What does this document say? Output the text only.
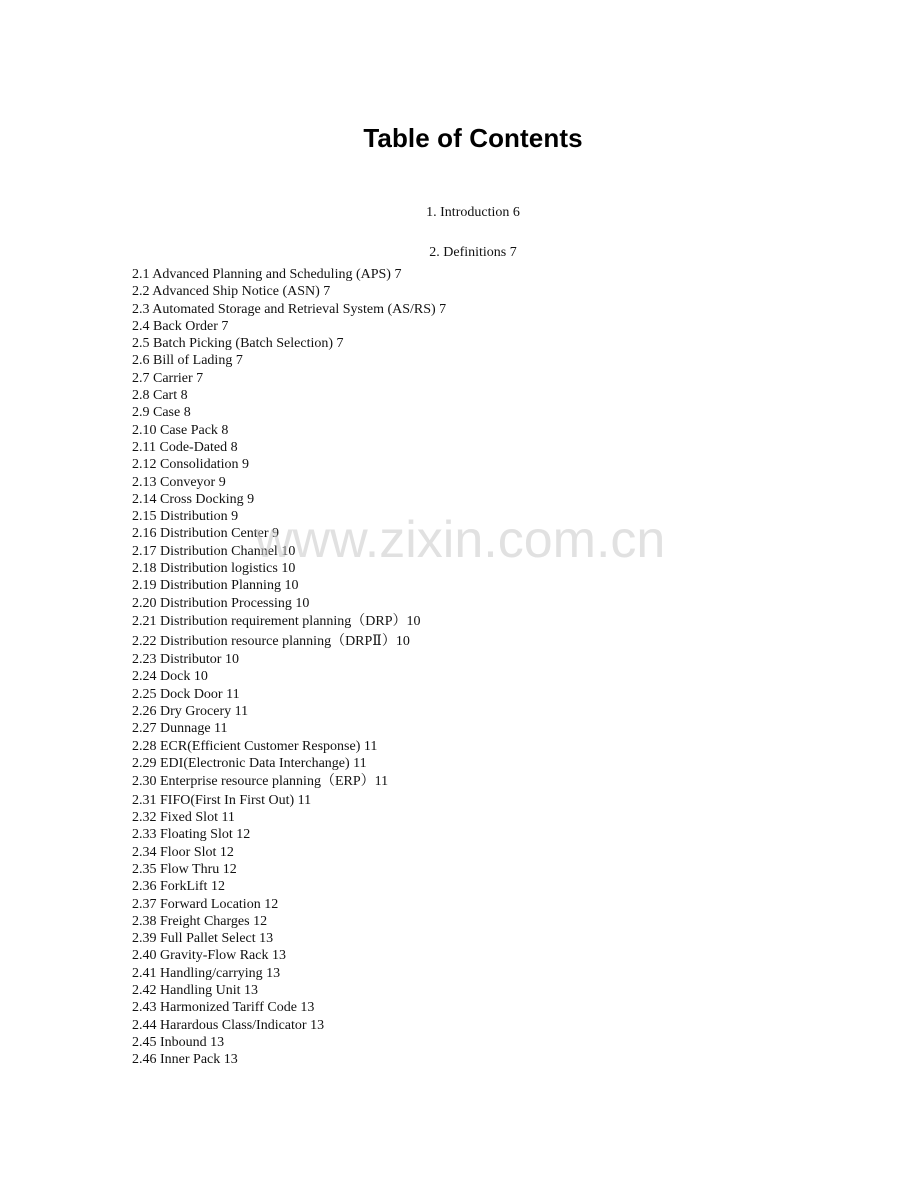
Table of Contents
1. Introduction 6
2. Definitions 7
2.1 Advanced Planning and Scheduling (APS) 7
2.2 Advanced Ship Notice (ASN) 7
2.3 Automated Storage and Retrieval System (AS/RS) 7
2.4 Back Order 7
2.5 Batch Picking (Batch Selection) 7
2.6 Bill of Lading 7
2.7 Carrier 7
2.8 Cart 8
2.9 Case 8
2.10 Case Pack 8
2.11 Code-Dated 8
2.12 Consolidation 9
2.13 Conveyor 9
2.14 Cross Docking 9
2.15 Distribution 9
2.16 Distribution Center 9
2.17 Distribution Channel 10
2.18 Distribution logistics 10
2.19 Distribution Planning 10
2.20 Distribution Processing 10
2.21 Distribution requirement planning（DRP）10
2.22 Distribution resource planning（DRPⅡ）10
2.23 Distributor 10
2.24 Dock 10
2.25 Dock Door 11
2.26 Dry Grocery 11
2.27 Dunnage 11
2.28 ECR(Efficient Customer Response) 11
2.29 EDI(Electronic Data Interchange) 11
2.30 Enterprise resource planning（ERP）11
2.31 FIFO(First In First Out) 11
2.32 Fixed Slot 11
2.33 Floating Slot 12
2.34 Floor Slot 12
2.35 Flow Thru 12
2.36 ForkLift 12
2.37 Forward Location 12
2.38 Freight Charges 12
2.39 Full Pallet Select 13
2.40 Gravity-Flow Rack 13
2.41 Handling/carrying 13
2.42 Handling Unit 13
2.43 Harmonized Tariff Code 13
2.44 Harardous Class/Indicator 13
2.45 Inbound 13
2.46 Inner Pack 13
www.zixin.com.cn
